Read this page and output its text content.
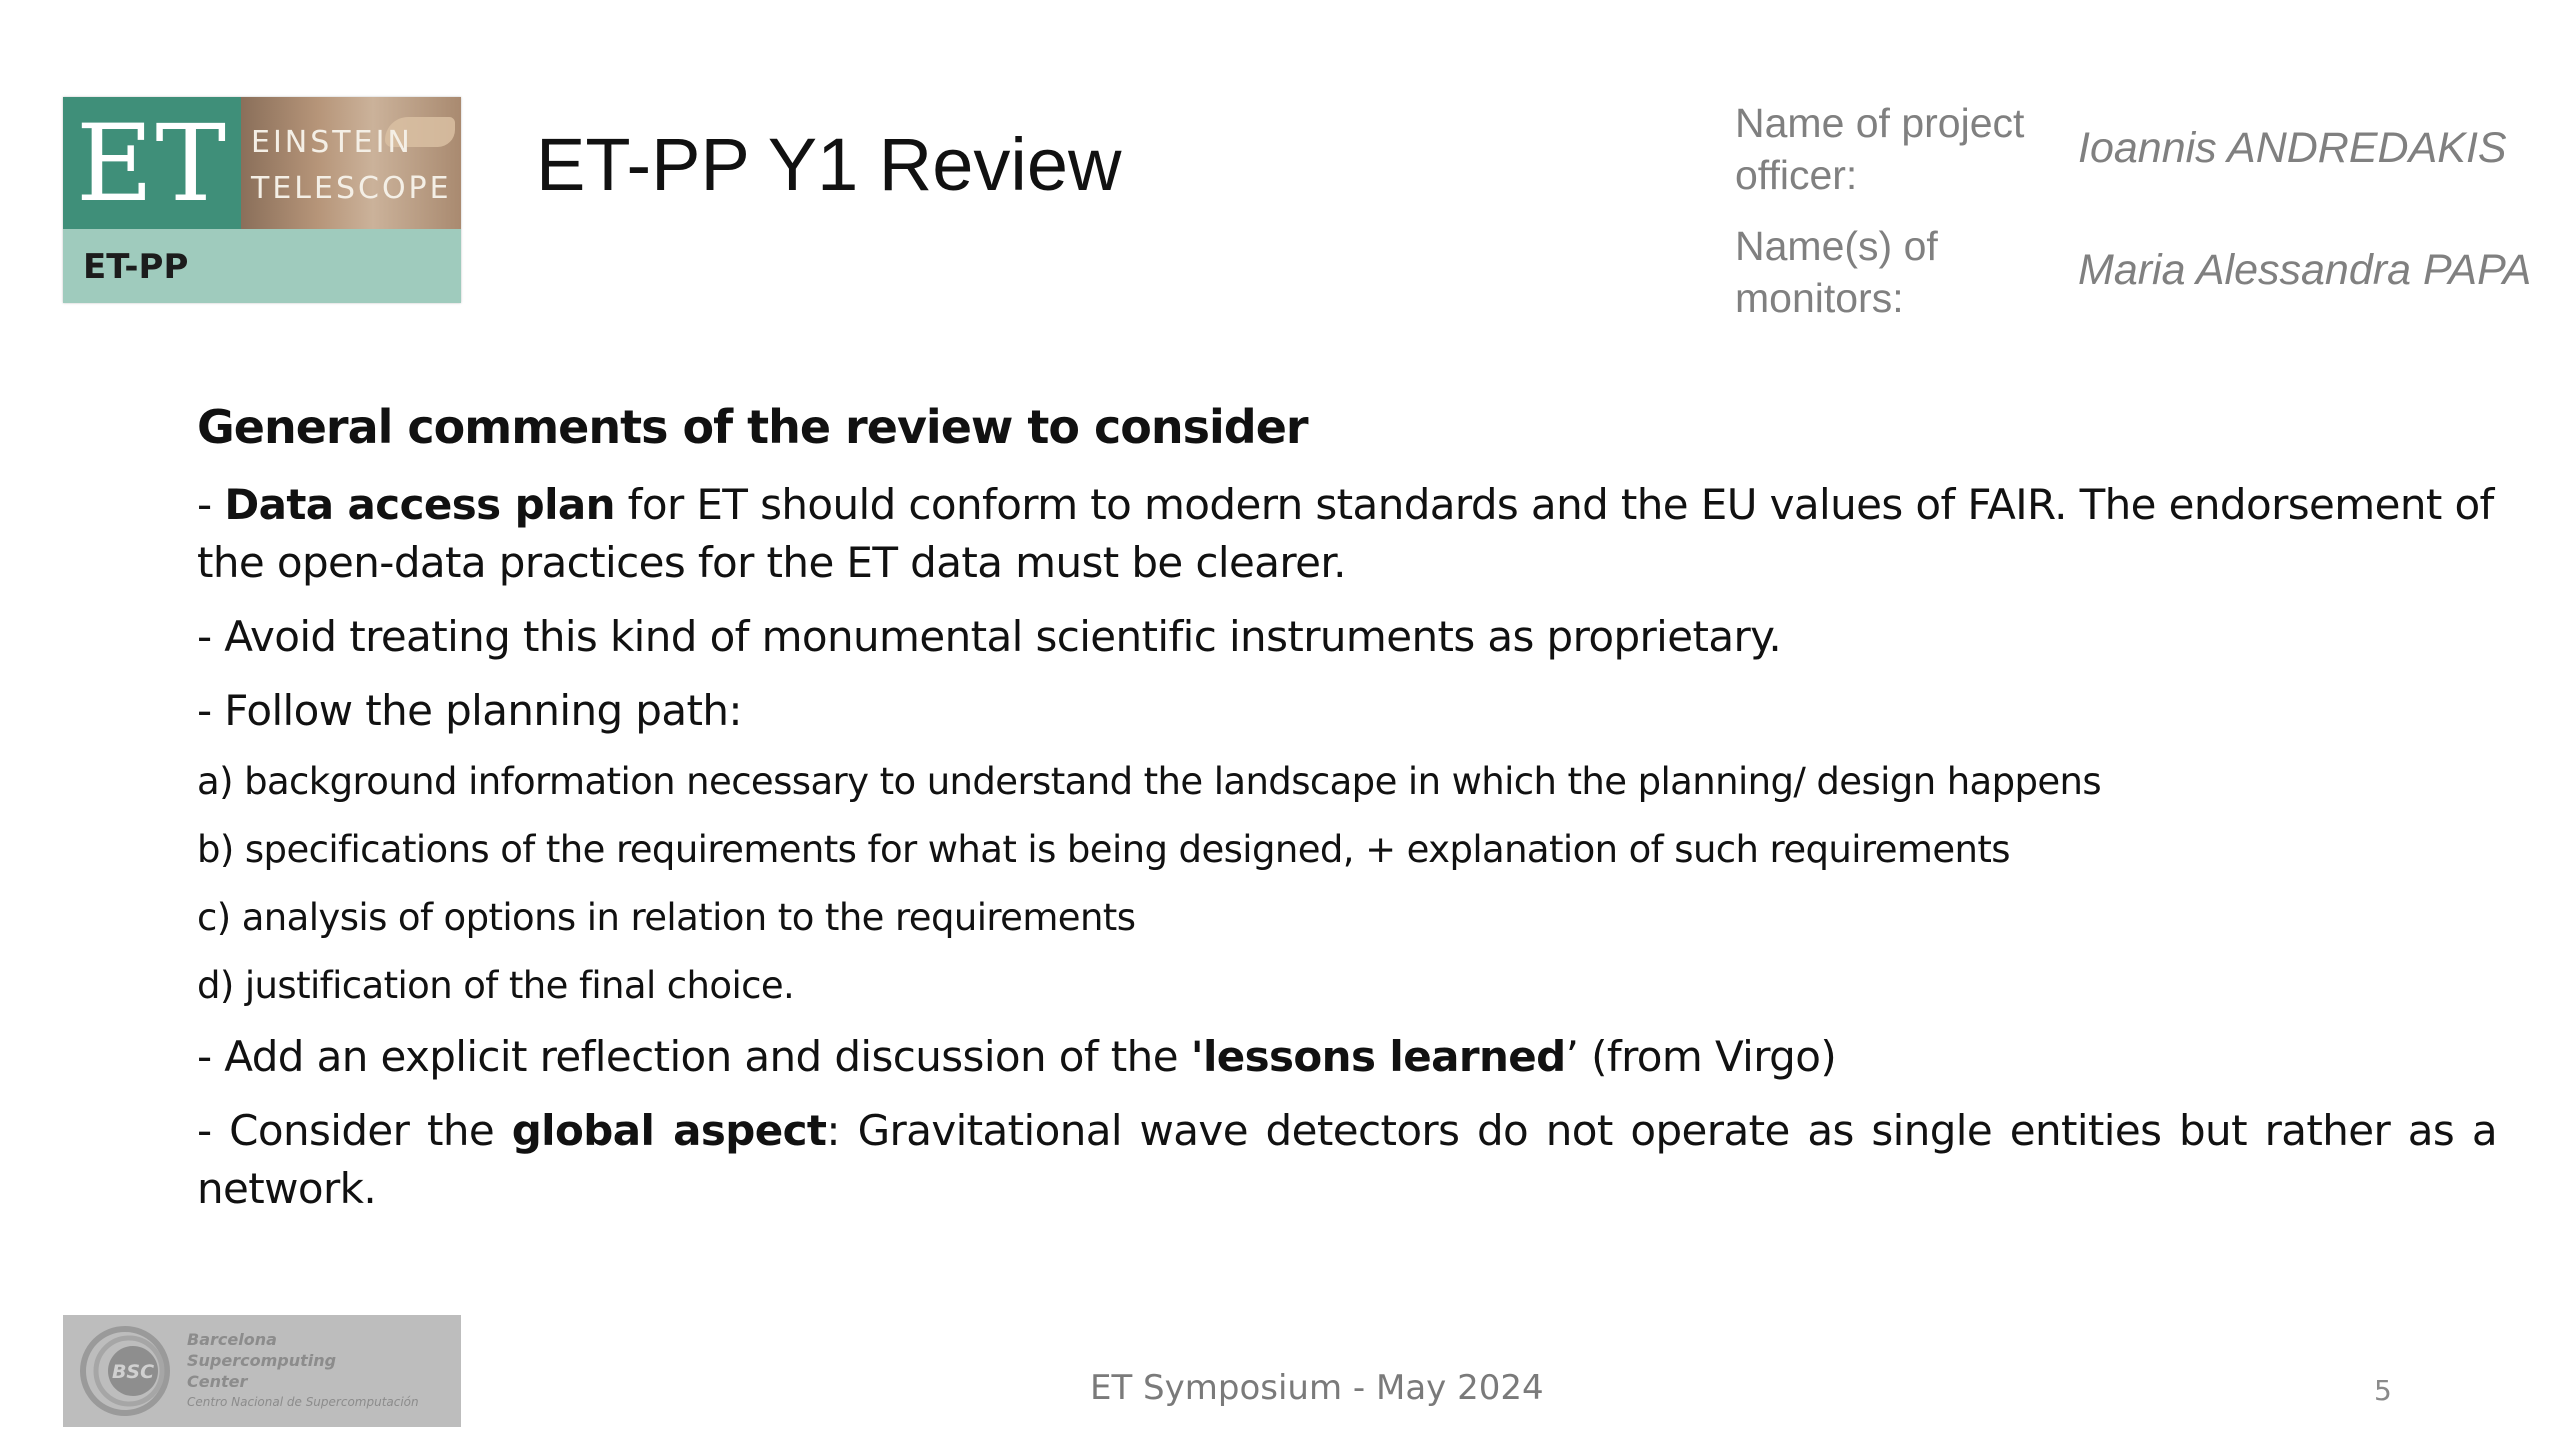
ET EINSTEIN
TELESCOPE
ET-PP
ET-PP Y1 Review	Name of project officer:
Ioannis ANDREDAKIS
Name(s) of monitors:
Maria Alessandra PAPA
General comments of the review to consider

- Data access plan for ET should conform to modern standards and the EU values of FAIR. The endorsement of the open-data practices for the ET data must be clearer.

- Avoid treating this kind of monumental scientific instruments as proprietary.

- Follow the planning path:

a) background information necessary to understand the landscape in which the planning/ design happens

b) specifications of the requirements for what is being designed, + explanation of such requirements

c) analysis of options in relation to the requirements

d) justification of the final choice.

- Add an explicit reflection and discussion of the 'lessons learned’ (from Virgo)

- Consider the global aspect: Gravitational wave detectors do not operate as single entities but rather as a network.

BSC
Barcelona
Supercomputing
Center
Centro Nacional de Supercomputación	ET Symposium - May 2024	5
